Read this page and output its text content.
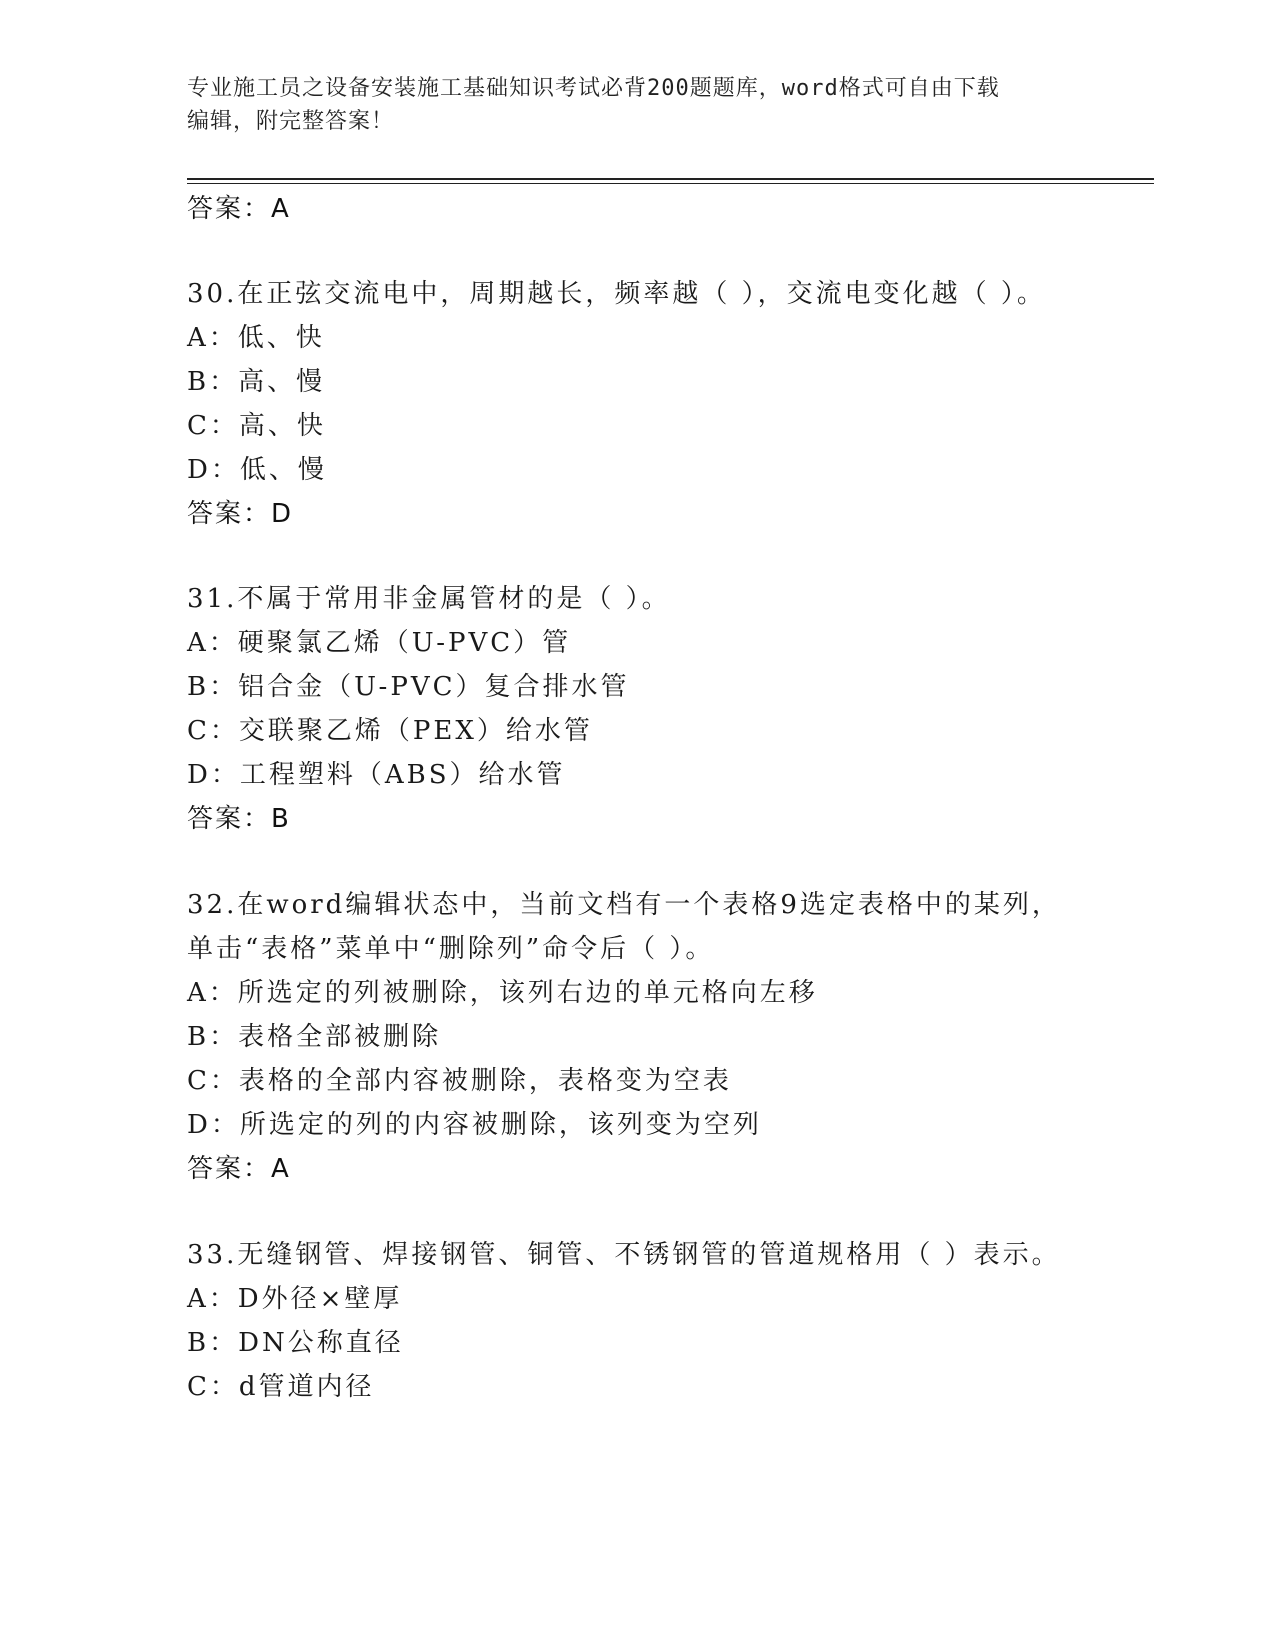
专业施工员之设备安装施工基础知识考试必背200题题库，word格式可自由下载
编辑，附完整答案！
答案：A
30.在正弦交流电中，周期越长，频率越（ ），交流电变化越（ ）。
A：低、快
B：高、慢
C：高、快
D：低、慢
答案：D
31.不属于常用非金属管材的是（ ）。
A：硬聚氯乙烯（U-PVC）管
B：铝合金（U-PVC）复合排水管
C：交联聚乙烯（PEX）给水管
D：工程塑料（ABS）给水管
答案：B
32.在word编辑状态中，当前文档有一个表格9选定表格中的某列，
单击“表格”菜单中“删除列”命令后（ ）。
A：所选定的列被删除，该列右边的单元格向左移
B：表格全部被删除
C：表格的全部内容被删除，表格变为空表
D：所选定的列的内容被删除，该列变为空列
答案：A
33.无缝钢管、焊接钢管、铜管、不锈钢管的管道规格用（ ）表示。
A：D外径×壁厚
B：DN公称直径
C：d管道内径
